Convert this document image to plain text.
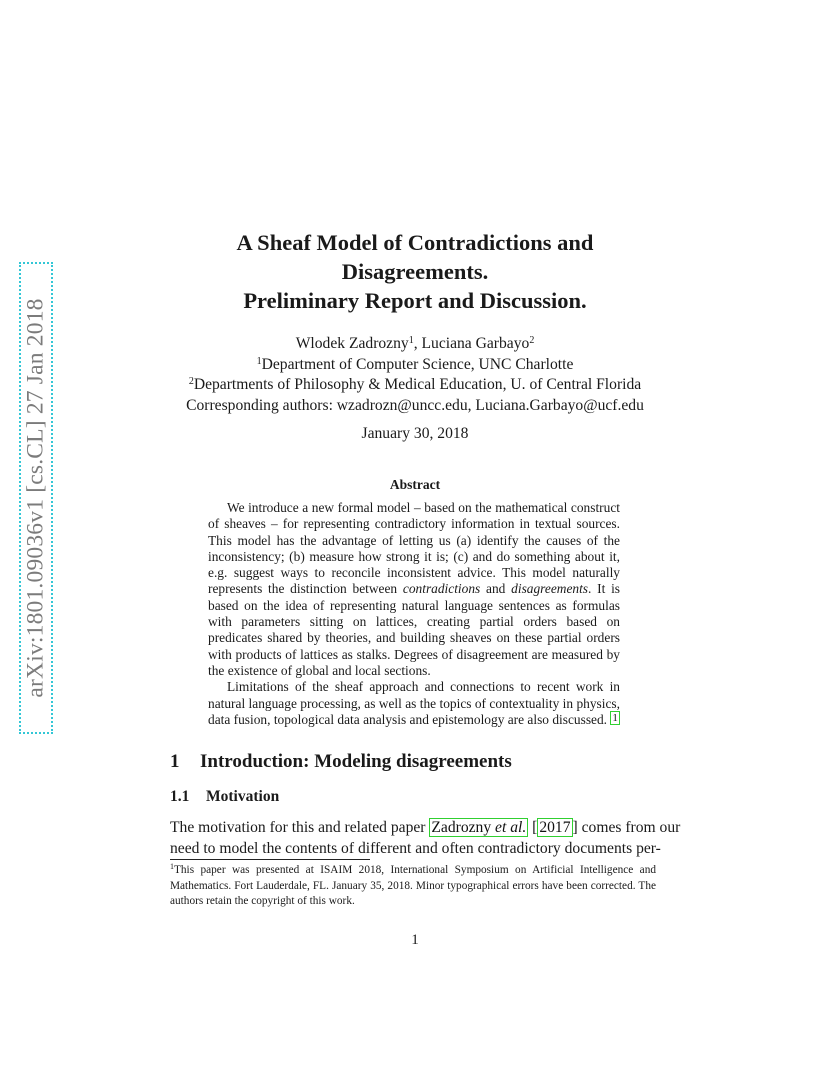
arXiv:1801.09036v1 [cs.CL] 27 Jan 2018
A Sheaf Model of Contradictions and
Disagreements.
Preliminary Report and Discussion.
Wlodek Zadrozny$^1$, Luciana Garbayo$^2$
$^1$Department of Computer Science, UNC Charlotte
$^2$Departments of Philosophy & Medical Education, U. of Central Florida
Corresponding authors: wzadrozn@uncc.edu, Luciana.Garbayo@ucf.edu
January 30, 2018
Abstract

We introduce a new formal model – based on the mathematical construct of sheaves – for representing contradictory information in textual sources. This model has the advantage of letting us (a) identify the causes of the inconsistency; (b) measure how strong it is; (c) and do something about it, e.g. suggest ways to reconcile inconsistent advice. This model naturally represents the distinction between contradictions and disagreements. It is based on the idea of representing natural language sentences as formulas with parameters sitting on lattices, creating partial orders based on predicates shared by theories, and building sheaves on these partial orders with products of lattices as stalks. Degrees of disagreement are measured by the existence of global and local sections.

Limitations of the sheaf approach and connections to recent work in natural language processing, as well as the topics of contextuality in physics, data fusion, topological data analysis and epistemology are also discussed. $^1$

1 Introduction: Modeling disagreements
1.1 Motivation
The motivation for this and related paper Zadrozny et al. [ 2017 ] comes from our
need to model the contents of different and often contradictory documents per-
$^1$This paper was presented at ISAIM 2018, International Symposium on Artificial Intelligence and Mathematics. Fort Lauderdale, FL. January 35, 2018. Minor typographical errors have been corrected. The authors retain the copyright of this work.
1
